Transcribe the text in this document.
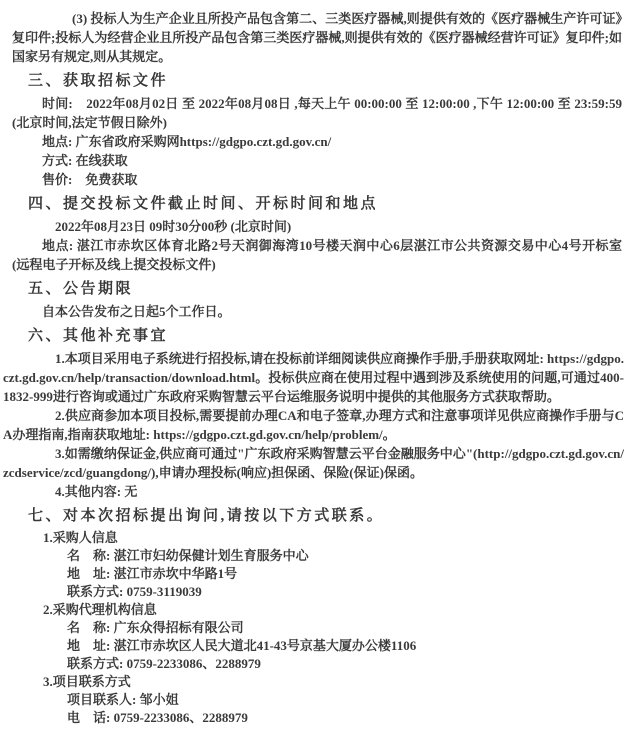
(3) 投标人为生产企业且所投产品包含第二、三类医疗器械,则提供有效的《医疗器械生产许可证》复印件;投标人为经营企业且所投产品包含第三类医疗器械,则提供有效的《医疗器械经营许可证》复印件;如国家另有规定,则从其规定。

三、获取招标文件

时间:　2022年08月02日 至 2022年08月08日 ,每天上午 00:00:00 至 12:00:00 ,下午 12:00:00 至 23:59:59(北京时间,法定节假日除外)

地点: 广东省政府采购网https://gdgpo.czt.gd.gov.cn/

方式: 在线获取

售价:　免费获取

四、提交投标文件截止时间、开标时间和地点

2022年08月23日 09时30分00秒 (北京时间)

地点: 湛江市赤坎区体育北路2号天润御海湾10号楼天润中心6层湛江市公共资源交易中心4号开标室 (远程电子开标及线上提交投标文件)

五、公告期限

自本公告发布之日起5个工作日。

六、其他补充事宜

1.本项目采用电子系统进行招投标,请在投标前详细阅读供应商操作手册,手册获取网址: https://gdgpo.czt.gd.gov.cn/help/transaction/download.html。投标供应商在使用过程中遇到涉及系统使用的问题,可通过400-1832-999进行咨询或通过广东政府采购智慧云平台运维服务说明中提供的其他服务方式获取帮助。

2.供应商参加本项目投标,需要提前办理CA和电子签章,办理方式和注意事项详见供应商操作手册与CA办理指南,指南获取地址: https://gdgpo.czt.gd.gov.cn/help/problem/。

3.如需缴纳保证金,供应商可通过"广东政府采购智慧云平台金融服务中心"(http://gdgpo.czt.gd.gov.cn/zcdservice/zcd/guangdong/),申请办理投标(响应)担保函、保险(保证)保函。

4.其他内容: 无

七、对本次招标提出询问,请按以下方式联系。

1.采购人信息

名　称: 湛江市妇幼保健计划生育服务中心

地　址: 湛江市赤坎中华路1号

联系方式: 0759-3119039

2.采购代理机构信息

名　称: 广东众得招标有限公司

地　址: 湛江市赤坎区人民大道北41-43号京基大厦办公楼1106

联系方式: 0759-2233086、2288979

3.项目联系方式

项目联系人: 邹小姐

电　话: 0759-2233086、2288979
